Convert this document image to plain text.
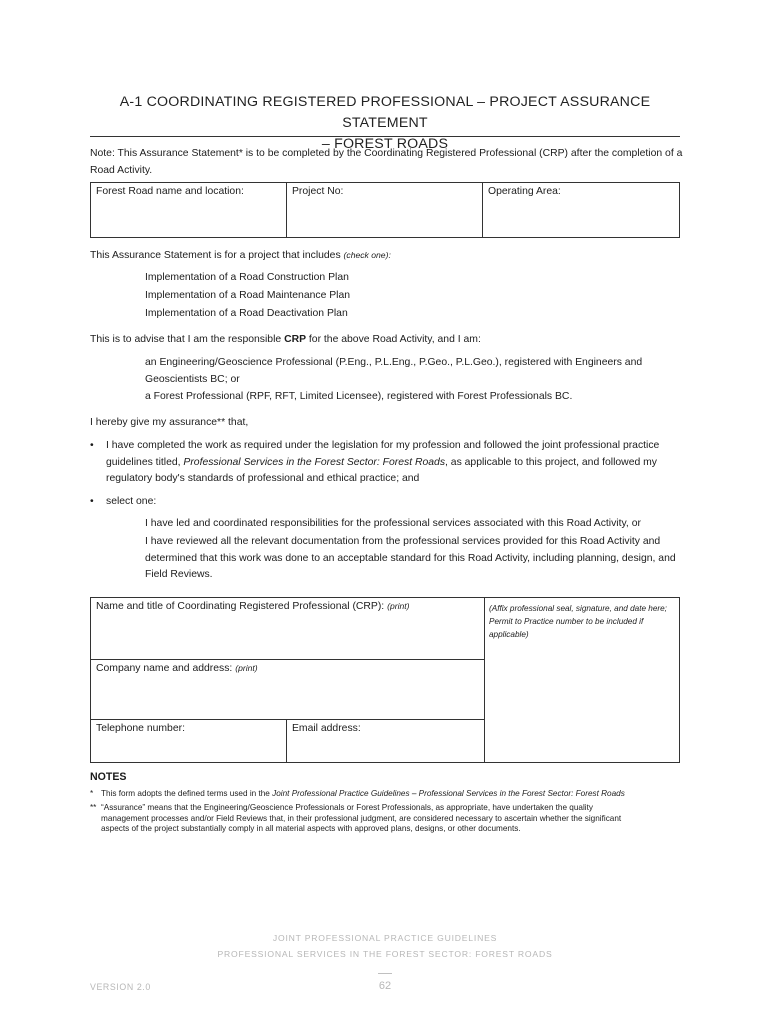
A-1 COORDINATING REGISTERED PROFESSIONAL – PROJECT ASSURANCE STATEMENT
– FOREST ROADS
Note: This Assurance Statement* is to be completed by the Coordinating Registered Professional (CRP) after the completion of a
Road Activity.
Forest Road name and location:	Project No:	Operating Area:
This Assurance Statement is for a project that includes (check one):
Implementation of a Road Construction Plan
Implementation of a Road Maintenance Plan
Implementation of a Road Deactivation Plan
This is to advise that I am the responsible CRP for the above Road Activity, and I am:
an Engineering/Geoscience Professional (P.Eng., P.L.Eng., P.Geo., P.L.Geo.), registered with Engineers and
Geoscientists BC; or
a Forest Professional (RPF, RFT, Limited Licensee), registered with Forest Professionals BC.
I hereby give my assurance** that,
• I have completed the work as required under the legislation for my profession and followed the joint professional practice
guidelines titled, Professional Services in the Forest Sector: Forest Roads, as applicable to this project, and followed my
regulatory body's standards of professional and ethical practice; and
• select one:
I have led and coordinated responsibilities for the professional services associated with this Road Activity, or
I have reviewed all the relevant documentation from the professional services provided for this Road Activity and
determined that this work was done to an acceptable standard for this Road Activity, including planning, design, and
Field Reviews.
Name and title of Coordinating Registered Professional (CRP): (print)		(Affix professional seal, signature, and date here; Permit to Practice number to be included if applicable)
Company name and address: (print)		
Telephone number:	Email address:	
NOTES
* This form adopts the defined terms used in the Joint Professional Practice Guidelines – Professional Services in the Forest Sector: Forest Roads
** “Assurance” means that the Engineering/Geoscience Professionals or Forest Professionals, as appropriate, have undertaken the quality
management processes and/or Field Reviews that, in their professional judgment, are considered necessary to ascertain whether the significant
aspects of the project substantially comply in all material aspects with approved plans, designs, or other documents.
JOINT PROFESSIONAL PRACTICE GUIDELINES
PROFESSIONAL SERVICES IN THE FOREST SECTOR: FOREST ROADS
VERSION 2.0	62
